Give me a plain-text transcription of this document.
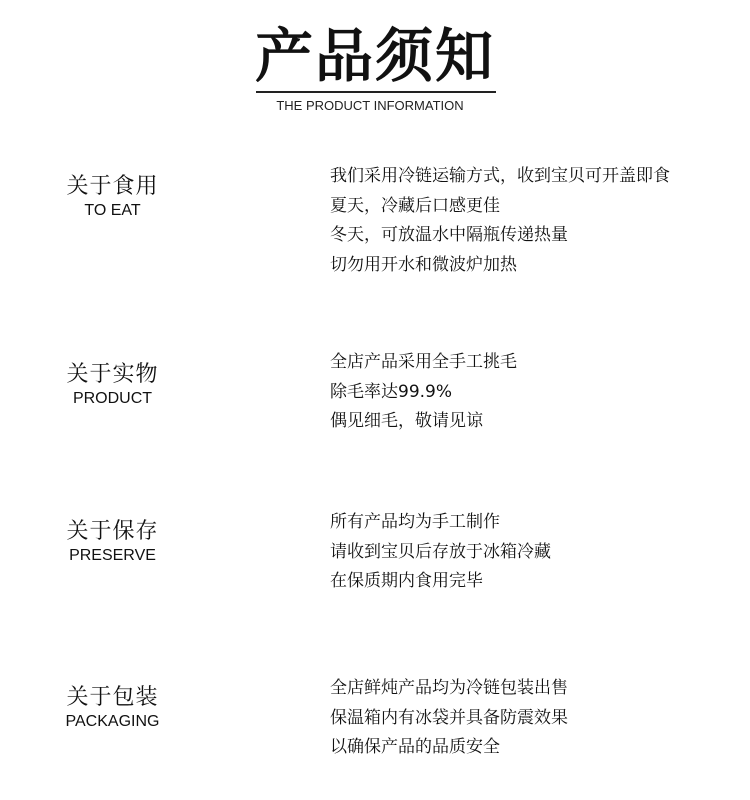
产品须知
THE PRODUCT INFORMATION
关于食用
TO EAT
我们采用冷链运输方式，收到宝贝可开盖即食
夏天，冷藏后口感更佳
冬天，可放温水中隔瓶传递热量
切勿用开水和微波炉加热
关于实物
PRODUCT
全店产品采用全手工挑毛
除毛率达99.9%
偶见细毛，敬请见谅
关于保存
PRESERVE
所有产品均为手工制作
请收到宝贝后存放于冰箱冷藏
在保质期内食用完毕
关于包装
PACKAGING
全店鲜炖产品均为冷链包装出售
保温箱内有冰袋并具备防震效果
以确保产品的品质安全
